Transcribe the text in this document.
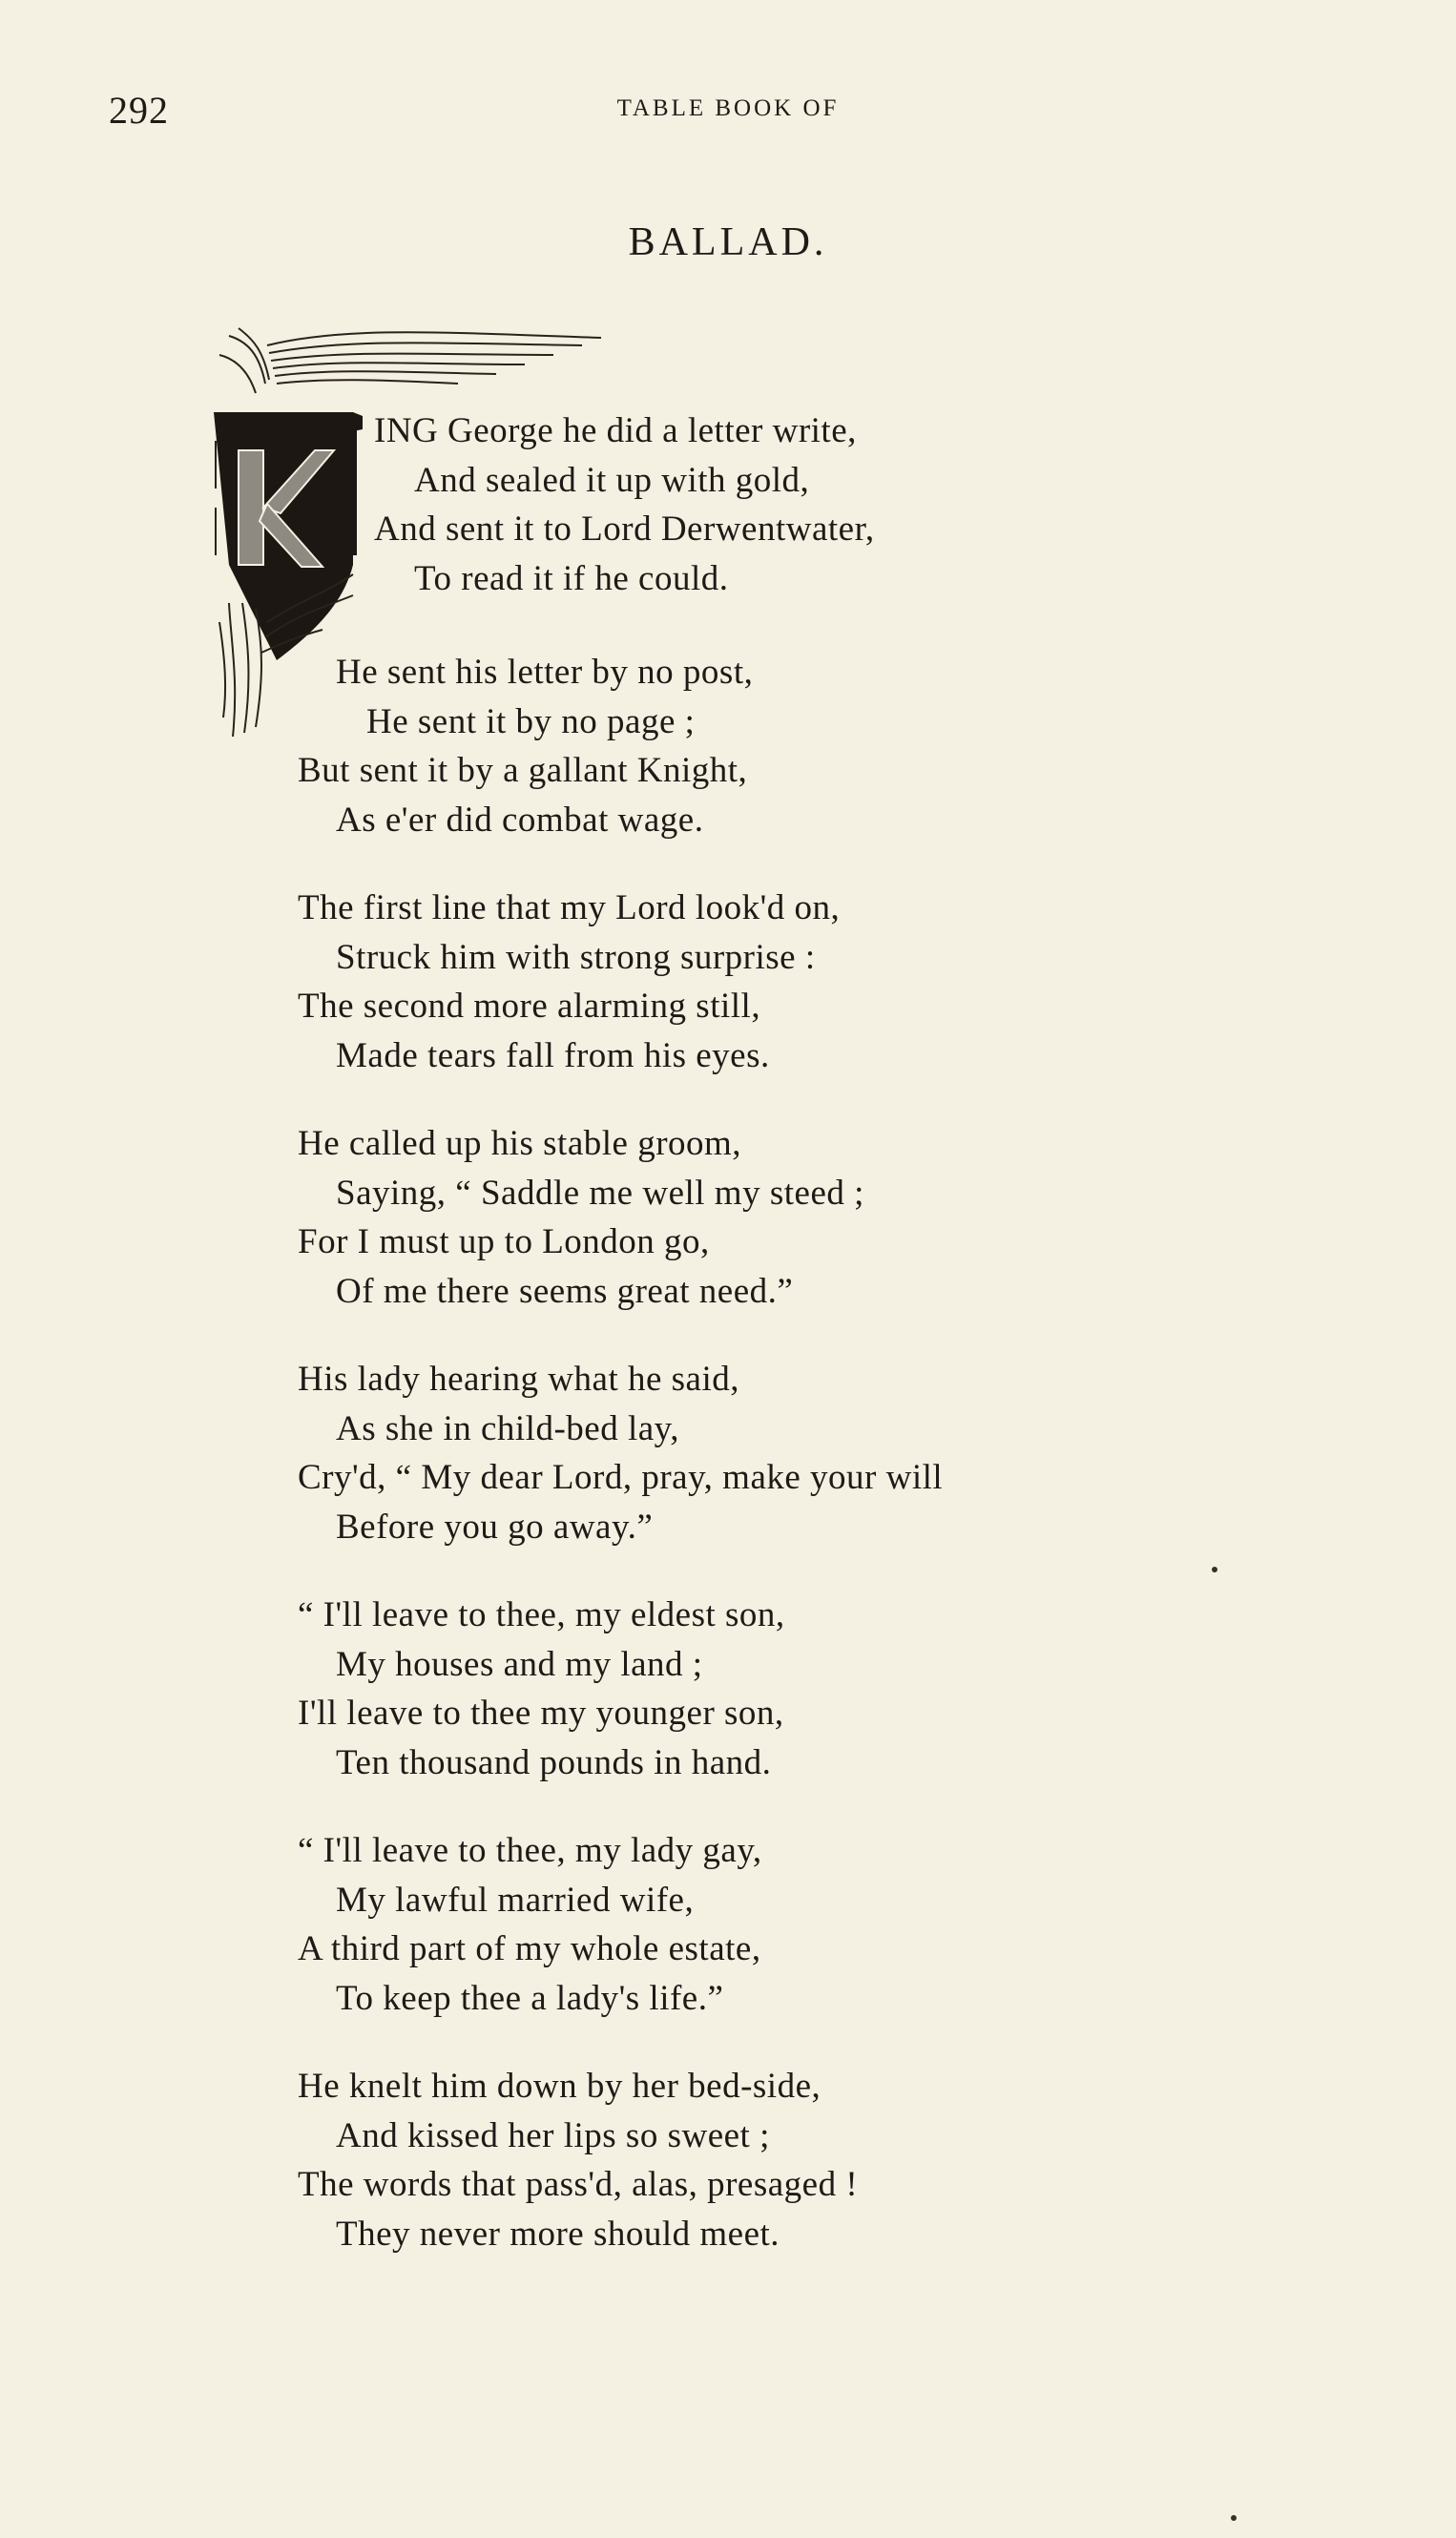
292	TABLE BOOK OF
BALLAD.
ING George he did a letter write,
And sealed it up with gold,
And sent it to Lord Derwentwater,
To read it if he could.
He sent his letter by no post,
He sent it by no page ;
But sent it by a gallant Knight,
As e'er did combat wage.
The first line that my Lord look'd on,
Struck him with strong surprise :
The second more alarming still,
Made tears fall from his eyes.
He called up his stable groom,
Saying, “ Saddle me well my steed ;
For I must up to London go,
Of me there seems great need.”
His lady hearing what he said,
As she in child-bed lay,
Cry'd, “ My dear Lord, pray, make your will
Before you go away.”
“ I'll leave to thee, my eldest son,
My houses and my land ;
I'll leave to thee my younger son,
Ten thousand pounds in hand.
“ I'll leave to thee, my lady gay,
My lawful married wife,
A third part of my whole estate,
To keep thee a lady's life.”
He knelt him down by her bed-side,
And kissed her lips so sweet ;
The words that pass'd, alas, presaged !
They never more should meet.
